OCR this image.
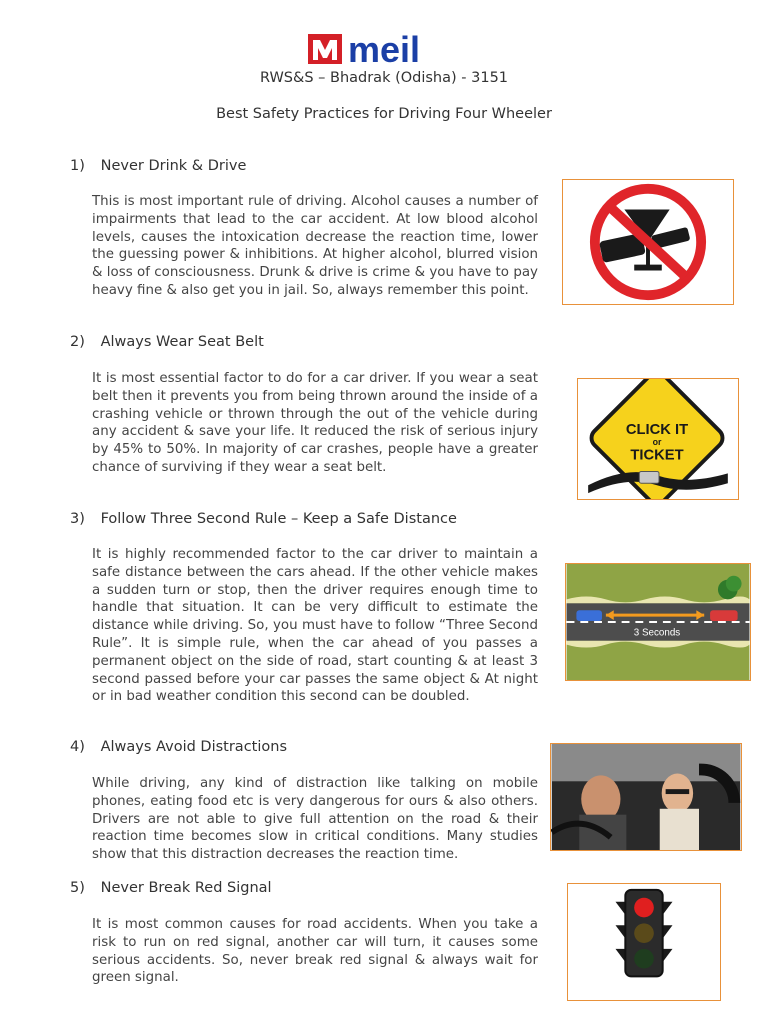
meil
RWS&S – Bhadrak (Odisha) - 3151
Best Safety Practices for Driving Four Wheeler
1) Never Drink & Drive

This is most important rule of driving. Alcohol causes a number of impairments that lead to the car accident. At low blood alcohol levels, causes the intoxication decrease the reaction time, lower the guessing power & inhibitions. At higher alcohol, blurred vision & loss of consciousness. Drunk & drive is crime & you have to pay heavy fine & also get you in jail. So, always remember this point.

2) Always Wear Seat Belt

It is most essential factor to do for a car driver. If you wear a seat belt then it prevents you from being thrown around the inside of a crashing vehicle or thrown through the out of the vehicle during any accident & save your life. It reduced the risk of serious injury by 45% to 50%. In majority of car crashes, people have a greater chance of surviving if they wear a seat belt.

CLICK IT
or
TICKET
3) Follow Three Second Rule – Keep a Safe Distance

It is highly recommended factor to the car driver to maintain a safe distance between the cars ahead. If the other vehicle makes a sudden turn or stop, then the driver requires enough time to handle that situation. It can be very difficult to estimate the distance while driving. So, you must have to follow “Three Second Rule”. It is simple rule, when the car ahead of you passes a permanent object on the side of road, start counting & at least 3 second passed before your car passes the same object & At night or in bad weather condition this second can be doubled.

3 Seconds
4) Always Avoid Distractions

While driving, any kind of distraction like talking on mobile phones, eating food etc is very dangerous for ours & also others. Drivers are not able to give full attention on the road & their reaction time becomes slow in critical conditions. Many studies show that this distraction decreases the reaction time.

5) Never Break Red Signal

It is most common causes for road accidents. When you take a risk to run on red signal, another car will turn, it causes some serious accidents. So, never break red signal & always wait for green signal.
